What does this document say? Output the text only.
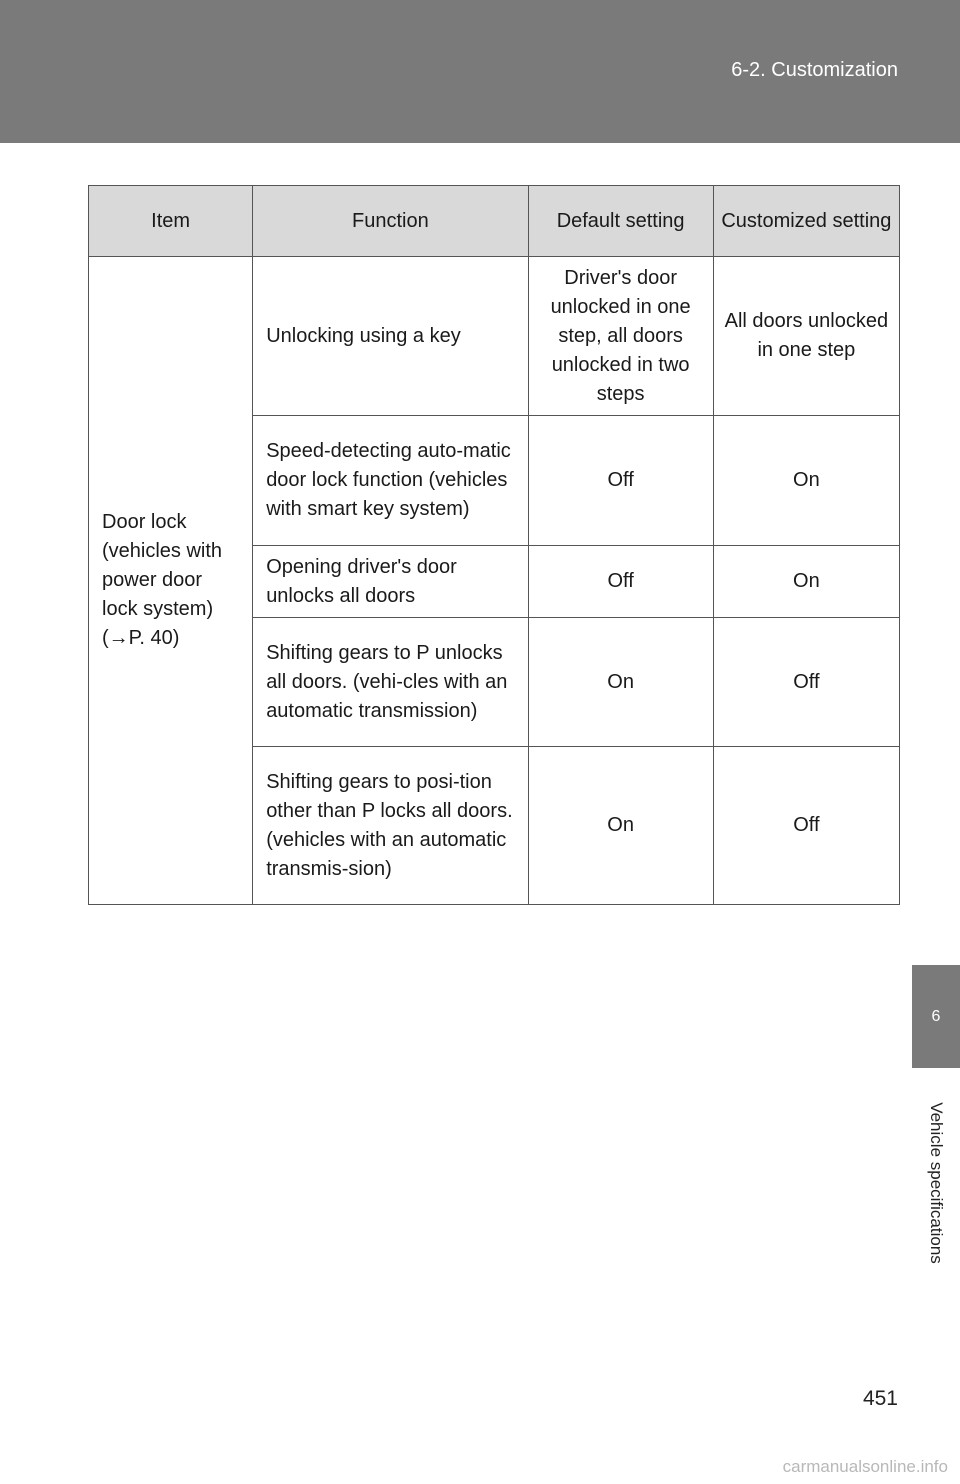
6-2. Customization
Item	Function	Default setting	Customized setting
Door lock (vehicles with power door lock system) (→P. 40)	Unlocking using a key	Driver's door unlocked in one step, all doors unlocked in two steps	All doors unlocked in one step
	Speed-detecting auto-matic door lock function (vehicles with smart key system)	Off	On
	Opening driver's door unlocks all doors	Off	On
	Shifting gears to P unlocks all doors. (vehi-cles with an automatic transmission)	On	Off
	Shifting gears to posi-tion other than P locks all doors. (vehicles with an automatic transmis-sion)	On	Off
6
Vehicle specifications
451
carmanualsonline.info
